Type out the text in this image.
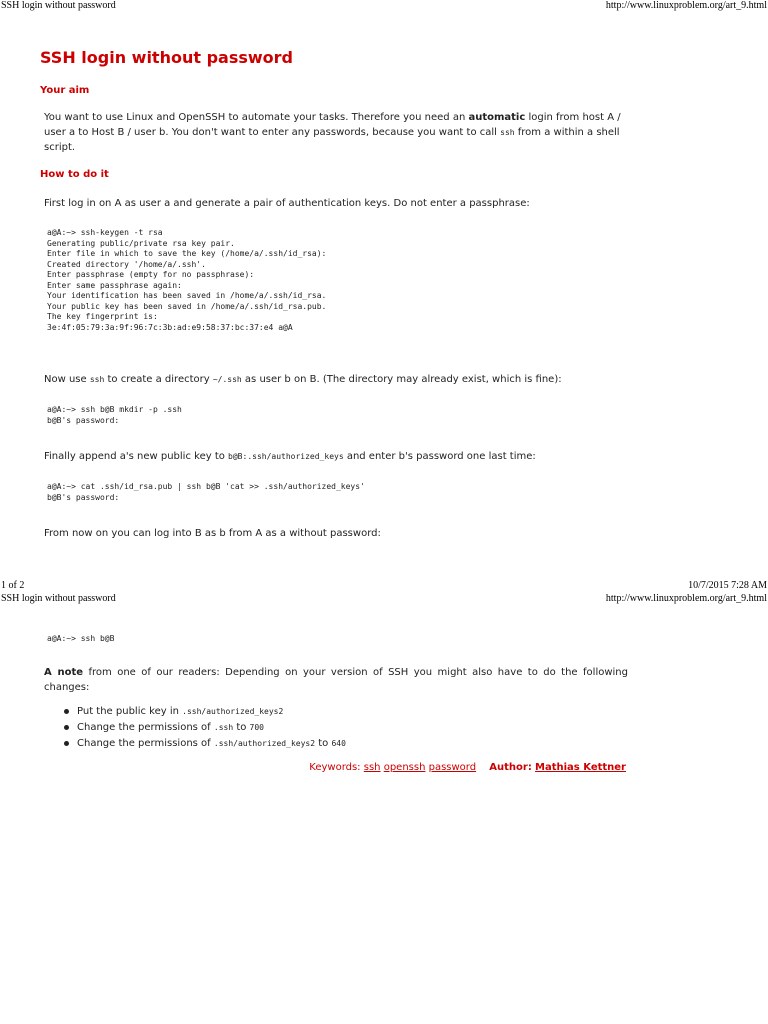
SSH login without password	http://www.linuxproblem.org/art_9.html
SSH login without password
Your aim
You want to use Linux and OpenSSH to automate your tasks. Therefore you need an automatic login from host A / user a to Host B / user b. You don't want to enter any passwords, because you want to call ssh from a within a shell script.
How to do it
First log in on A as user a and generate a pair of authentication keys. Do not enter a passphrase:
a@A:~> ssh-keygen -t rsa
Generating public/private rsa key pair.
Enter file in which to save the key (/home/a/.ssh/id_rsa):
Created directory '/home/a/.ssh'.
Enter passphrase (empty for no passphrase):
Enter same passphrase again:
Your identification has been saved in /home/a/.ssh/id_rsa.
Your public key has been saved in /home/a/.ssh/id_rsa.pub.
The key fingerprint is:
3e:4f:05:79:3a:9f:96:7c:3b:ad:e9:58:37:bc:37:e4 a@A
Now use ssh to create a directory ~/.ssh as user b on B. (The directory may already exist, which is fine):
a@A:~> ssh b@B mkdir -p .ssh
b@B's password:
Finally append a's new public key to b@B:.ssh/authorized_keys and enter b's password one last time:
a@A:~> cat .ssh/id_rsa.pub | ssh b@B 'cat >> .ssh/authorized_keys'
b@B's password:
From now on you can log into B as b from A as a without password:
1 of 2	10/7/2015 7:28 AM
SSH login without password	http://www.linuxproblem.org/art_9.html
a@A:~> ssh b@B
A note from one of our readers: Depending on your version of SSH you might also have to do the following changes:
Put the public key in .ssh/authorized_keys2
Change the permissions of .ssh to 700
Change the permissions of .ssh/authorized_keys2 to 640
Keywords: ssh openssh password Author: Mathias Kettner
